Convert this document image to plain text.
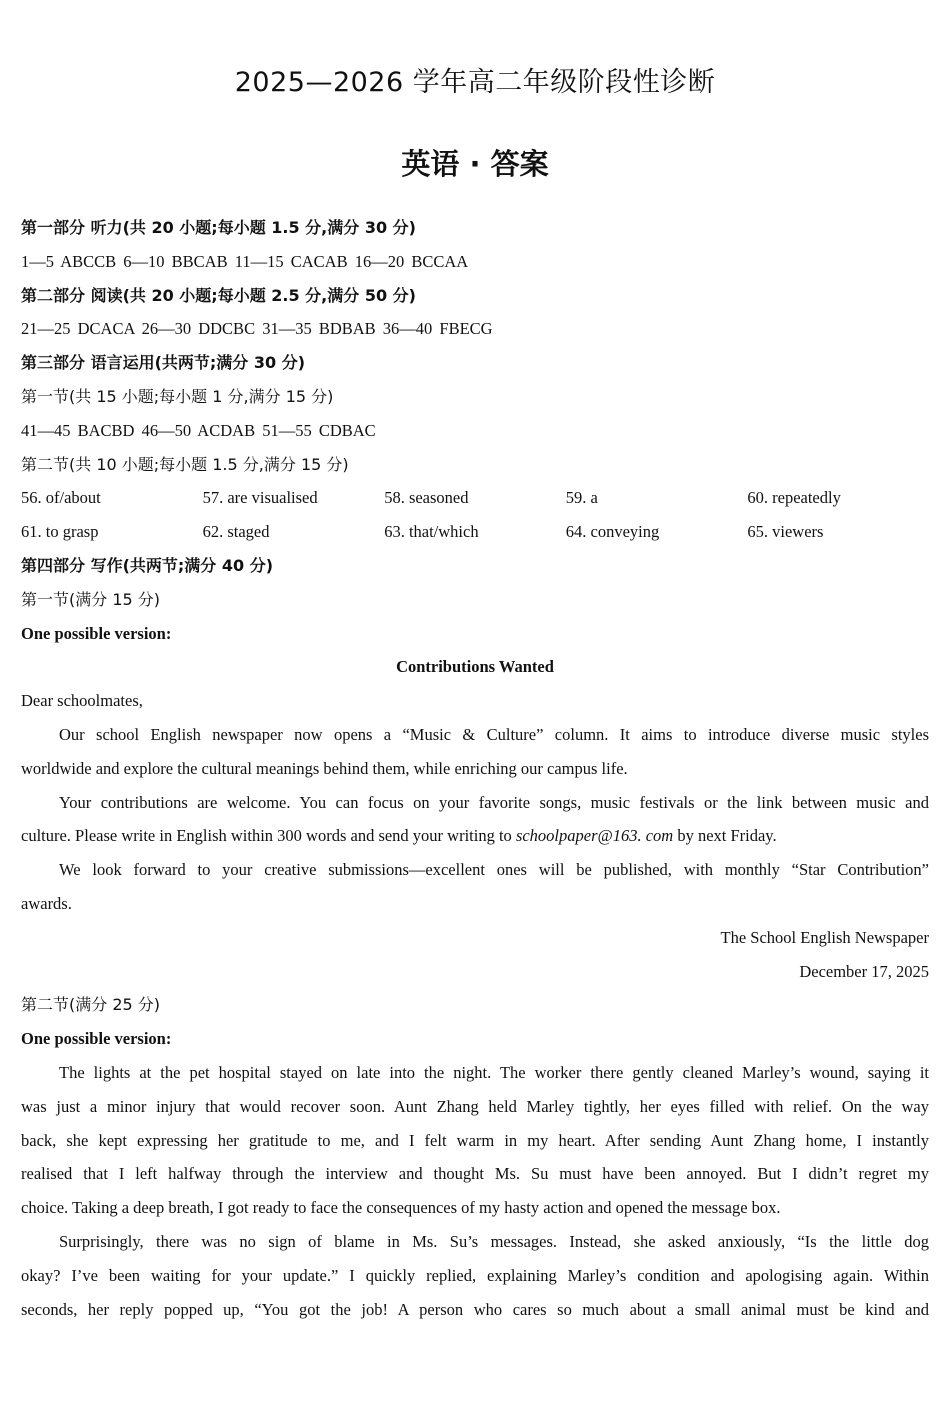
2025—2026 学年高二年级阶段性诊断
英语 · 答案
第一部分 听力(共 20 小题;每小题 1.5 分,满分 30 分)
1—5 ABCCB 6—10 BBCAB 11—15 CACAB 16—20 BCCAA
第二部分 阅读(共 20 小题;每小题 2.5 分,满分 50 分)
21—25 DCACA 26—30 DDCBC 31—35 BDBAB 36—40 FBECG
第三部分 语言运用(共两节;满分 30 分)
第一节(共 15 小题;每小题 1 分,满分 15 分)
41—45 BACBD 46—50 ACDAB 51—55 CDBAC
第二节(共 10 小题;每小题 1.5 分,满分 15 分)
56. of/about	57. are visualised	58. seasoned	59. a	60. repeatedly
61. to grasp	62. staged	63. that/which	64. conveying	65. viewers
第四部分 写作(共两节;满分 40 分)
第一节(满分 15 分)
One possible version:
Contributions Wanted
Dear schoolmates,
Our school English newspaper now opens a “Music & Culture” column. It aims to introduce diverse music styles
worldwide and explore the cultural meanings behind them, while enriching our campus life.
Your contributions are welcome. You can focus on your favorite songs, music festivals or the link between music and
culture. Please write in English within 300 words and send your writing to schoolpaper@163. com by next Friday.
We look forward to your creative submissions—excellent ones will be published, with monthly “Star Contribution”
awards.
The School English Newspaper
December 17, 2025
第二节(满分 25 分)
One possible version:
The lights at the pet hospital stayed on late into the night. The worker there gently cleaned Marley’s wound, saying it
was just a minor injury that would recover soon. Aunt Zhang held Marley tightly, her eyes filled with relief. On the way
back, she kept expressing her gratitude to me, and I felt warm in my heart. After sending Aunt Zhang home, I instantly
realised that I left halfway through the interview and thought Ms. Su must have been annoyed. But I didn’t regret my
choice. Taking a deep breath, I got ready to face the consequences of my hasty action and opened the message box.
Surprisingly, there was no sign of blame in Ms. Su’s messages. Instead, she asked anxiously, “Is the little dog
okay? I’ve been waiting for your update.” I quickly replied, explaining Marley’s condition and apologising again. Within
seconds, her reply popped up, “You got the job! A person who cares so much about a small animal must be kind and
